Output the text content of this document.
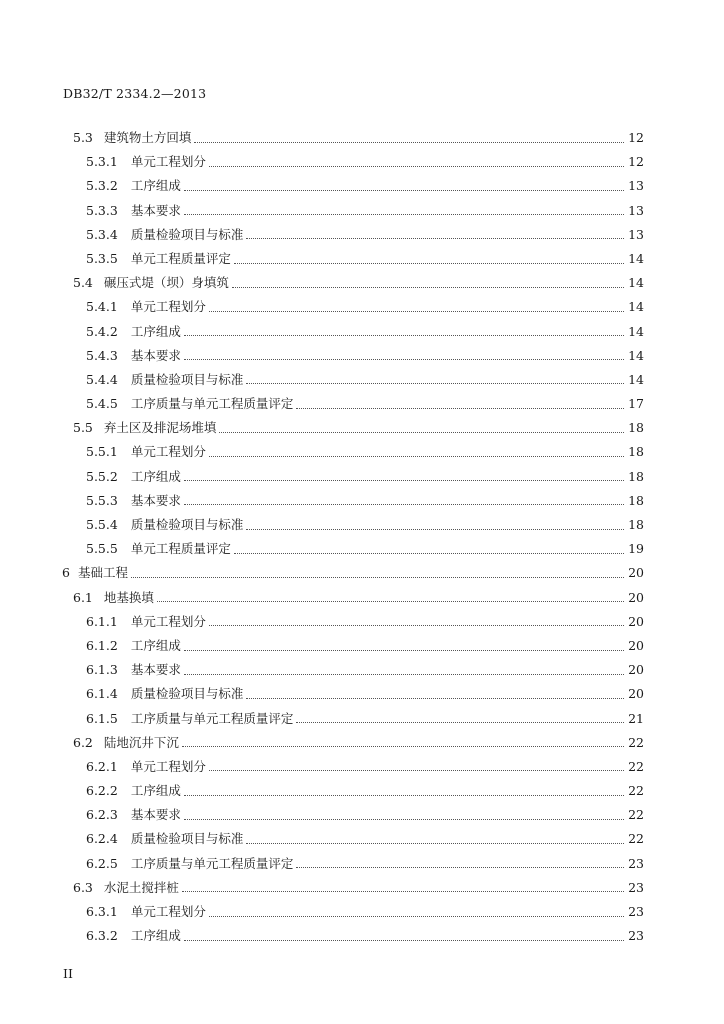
DB32/T 2334.2—2013
5.3 建筑物土方回填	12
5.3.1 单元工程划分	12
5.3.2 工序组成	13
5.3.3 基本要求	13
5.3.4 质量检验项目与标准	13
5.3.5 单元工程质量评定	14
5.4 碾压式堤（坝）身填筑	14
5.4.1 单元工程划分	14
5.4.2 工序组成	14
5.4.3 基本要求	14
5.4.4 质量检验项目与标准	14
5.4.5 工序质量与单元工程质量评定	17
5.5 弃土区及排泥场堆填	18
5.5.1 单元工程划分	18
5.5.2 工序组成	18
5.5.3 基本要求	18
5.5.4 质量检验项目与标准	18
5.5.5 单元工程质量评定	19
6 基础工程	20
6.1 地基换填	20
6.1.1 单元工程划分	20
6.1.2 工序组成	20
6.1.3 基本要求	20
6.1.4 质量检验项目与标准	20
6.1.5 工序质量与单元工程质量评定	21
6.2 陆地沉井下沉	22
6.2.1 单元工程划分	22
6.2.2 工序组成	22
6.2.3 基本要求	22
6.2.4 质量检验项目与标准	22
6.2.5 工序质量与单元工程质量评定	23
6.3 水泥土搅拌桩	23
6.3.1 单元工程划分	23
6.3.2 工序组成	23
II
